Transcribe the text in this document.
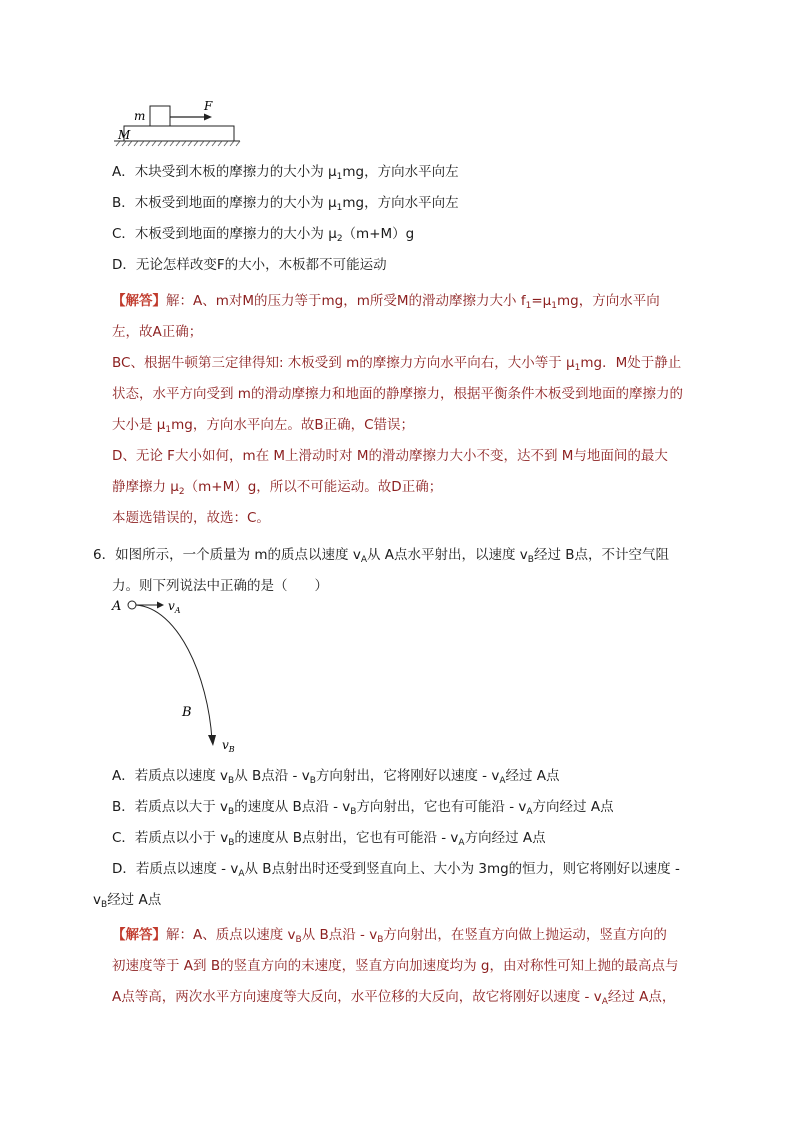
m
F
M
A．木块受到木板的摩擦力的大小为 $\mu_1mg$，方向水平向左
B．木板受到地面的摩擦力的大小为 $\mu_1mg$，方向水平向左
C．木板受到地面的摩擦力的大小为 $\mu_2(m+M)g$
D．无论怎样改变F的大小，木板都不可能运动
【解答】解：A、m对M的压力等于mg，m所受M的滑动摩擦力大小 $f_1=\mu_1mg$，方向水平向
左，故A正确；
BC、根据牛顿第三定律得知: 木板受到 m的摩擦力方向水平向右，大小等于 $\mu_1mg$．M处于静止
状态，水平方向受到 m的滑动摩擦力和地面的静摩擦力，根据平衡条件木板受到地面的摩擦力的
大小是 $\mu_1mg$，方向水平向左。故B正确，C错误；
D、无论 F大小如何，m在 M上滑动时对 M的滑动摩擦力大小不变，达不到 M与地面间的最大
静摩擦力 $\mu_2(m+M)g$，所以不可能运动。故D正确；
本题选错误的，故选：C。
6．如图所示，一个质量为 m的质点以速度 $v_A$从 A点水平射出，以速度 $v_B$经过 B点，不计空气阻
力。则下列说法中正确的是（　　）
A	$v_A$
B
$v_B$
A．若质点以速度 $v_B$从 B点沿 - $v_B$方向射出，它将刚好以速度 - $v_A$经过 A点
B．若质点以大于 $v_B$的速度从 B点沿 - $v_B$方向射出，它也有可能沿 - $v_A$方向经过 A点
C．若质点以小于 $v_B$的速度从 B点射出，它也有可能沿 - $v_A$方向经过 A点
D．若质点以速度 - $v_A$从 B点射出时还受到竖直向上、大小为 3mg的恒力，则它将刚好以速度 -
$v_B$经过 A点
【解答】解：A、质点以速度 $v_B$从 B点沿 - $v_B$方向射出，在竖直方向做上抛运动，竖直方向的
初速度等于 A到 B的竖直方向的末速度，竖直方向加速度均为 g，由对称性可知上抛的最高点与
A点等高，两次水平方向速度等大反向，水平位移的大反向，故它将刚好以速度 - $v_A$经过 A点，
